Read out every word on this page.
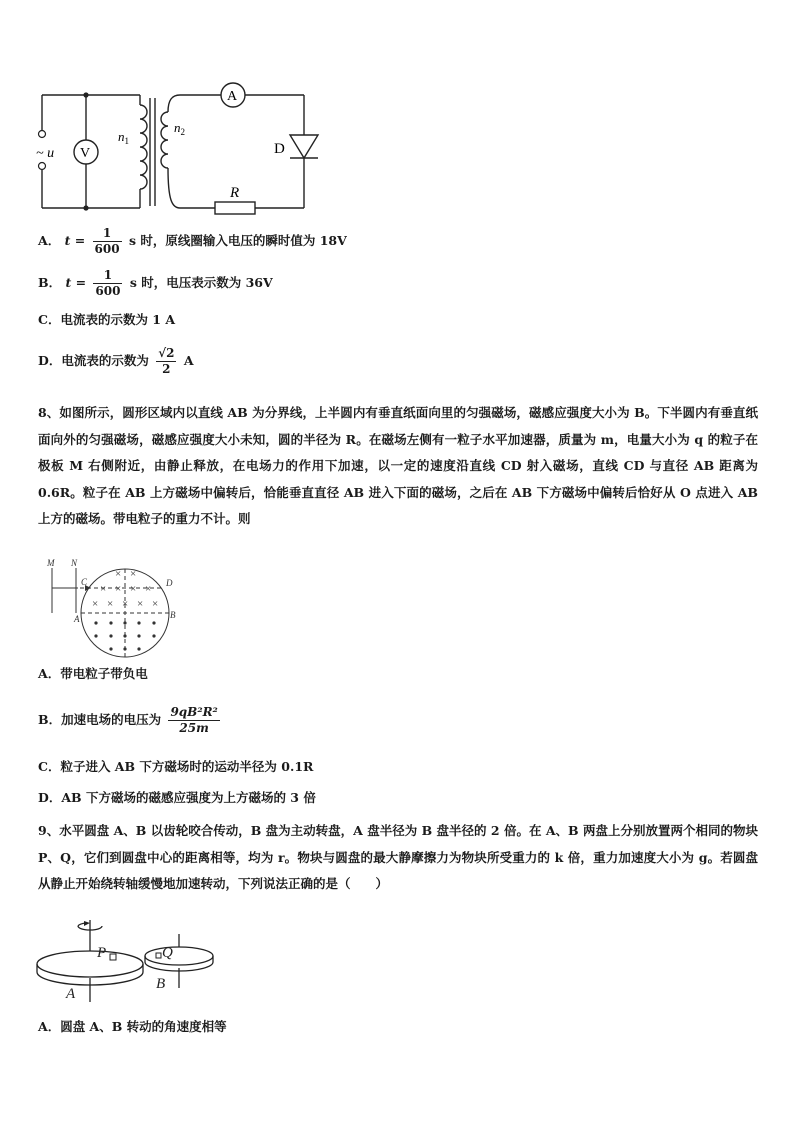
~ u V
A
D
R
$n_1$
$n_2$
A． $t = \frac{1}{600}$ s 时，原线圈输入电压的瞬时值为 18V
B． $t = \frac{1}{600}$ s 时，电压表示数为 36V
C．电流表的示数为 1 A
D．电流表的示数为 $\frac{√2}{2}$ A
8、如图所示，圆形区域内以直线 AB 为分界线，上半圆内有垂直纸面向里的匀强磁场，磁感应强度大小为 B。下半圆内有垂直纸面向外的匀强磁场，磁感应强度大小未知，圆的半径为 R。在磁场左侧有一粒子水平加速器，质量为 m，电量大小为 q 的粒子在极板 M 右侧附近，由静止释放，在电场力的作用下加速，以一定的速度沿直线 CD 射入磁场，直线 CD 与直径 AB 距离为 0.6R。粒子在 AB 上方磁场中偏转后，恰能垂直直径 AB 进入下面的磁场，之后在 AB 下方磁场中偏转后恰好从 O 点进入 AB 上方的磁场。带电粒子的重力不计。则
× ×
× × × ×
× × × × ×
M N
C	D
A	B
A．带电粒子带负电
B．加速电场的电压为 $\frac{\text{9qB²R²}}{25m}$
C．粒子进入 AB 下方磁场时的运动半径为 0.1R
D．AB 下方磁场的磁感应强度为上方磁场的 3 倍
9、水平圆盘 A、B 以齿轮咬合传动，B 盘为主动转盘，A 盘半径为 B 盘半径的 2 倍。在 A、B 两盘上分别放置两个相同的物块 P、Q，它们到圆盘中心的距离相等，均为 r。物块与圆盘的最大静摩擦力为物块所受重力的 k 倍，重力加速度大小为 g。若圆盘从静止开始绕转轴缓慢地加速转动，下列说法正确的是（　　）
P	Q
A
B
A．圆盘 A、B 转动的角速度相等
